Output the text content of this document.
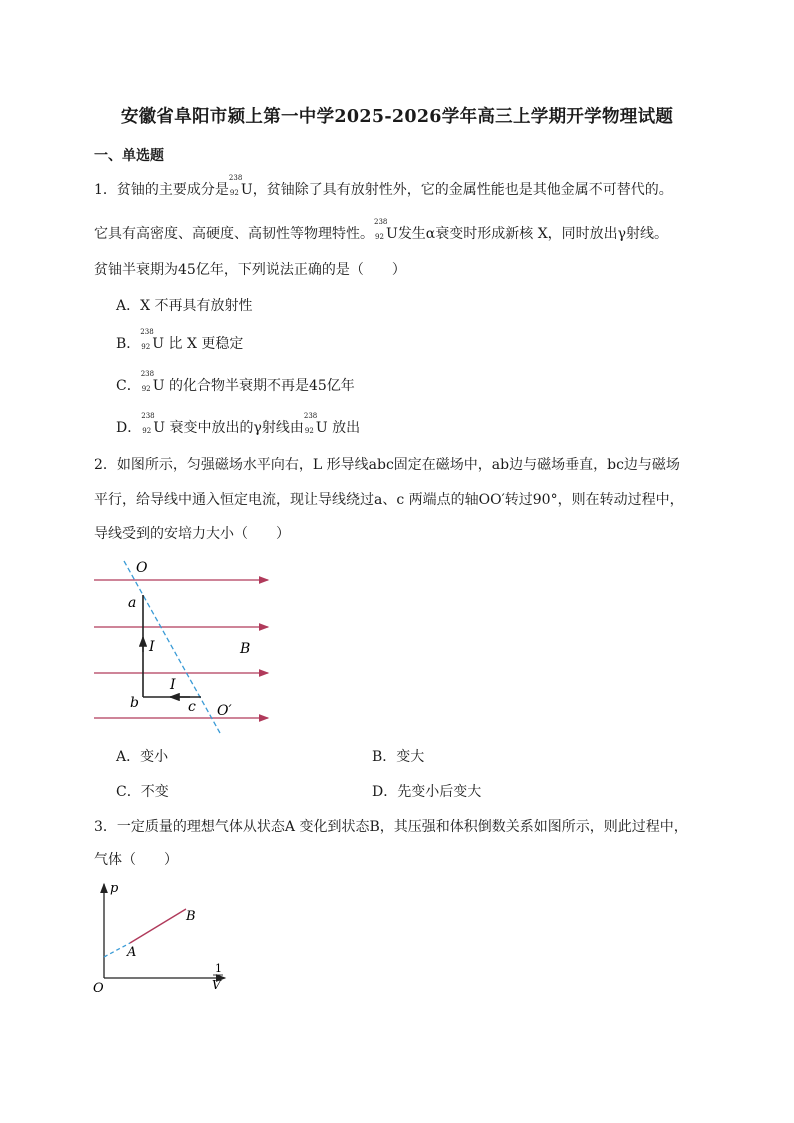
安徽省阜阳市颍上第一中学2025-2026学年高三上学期开学物理试题
一、单选题
1．贫铀的主要成分是
238
92 U，贫铀除了具有放射性外，它的金属性能也是其他金属不可替代的。
它具有高密度、高硬度、高韧性等物理特性。
238
92 U发生α衰变时形成新核 X，同时放出γ射线。
贫铀半衰期为45亿年，下列说法正确的是（　　）
A．X 不再具有放射性
B．
238
92 U 比 X 更稳定
C．
238
92 U 的化合物半衰期不再是45亿年
D．
238
92 U 衰变中放出的γ射线由
238
92 U 放出
2．如图所示，匀强磁场水平向右，L 形导线abc固定在磁场中，ab边与磁场垂直，bc边与磁场
平行，给导线中通入恒定电流，现让导线绕过a、c 两端点的轴OO′转过90°，则在转动过程中，
导线受到的安培力大小（　　）
O
a
I	B
I
b	c O′
A．变小	B．变大
C．不变	D．先变小后变大
3．一定质量的理想气体从状态A 变化到状态B，其压强和体积倒数关系如图所示，则此过程中，
气体（　　）
p
B
A
O
1
V
